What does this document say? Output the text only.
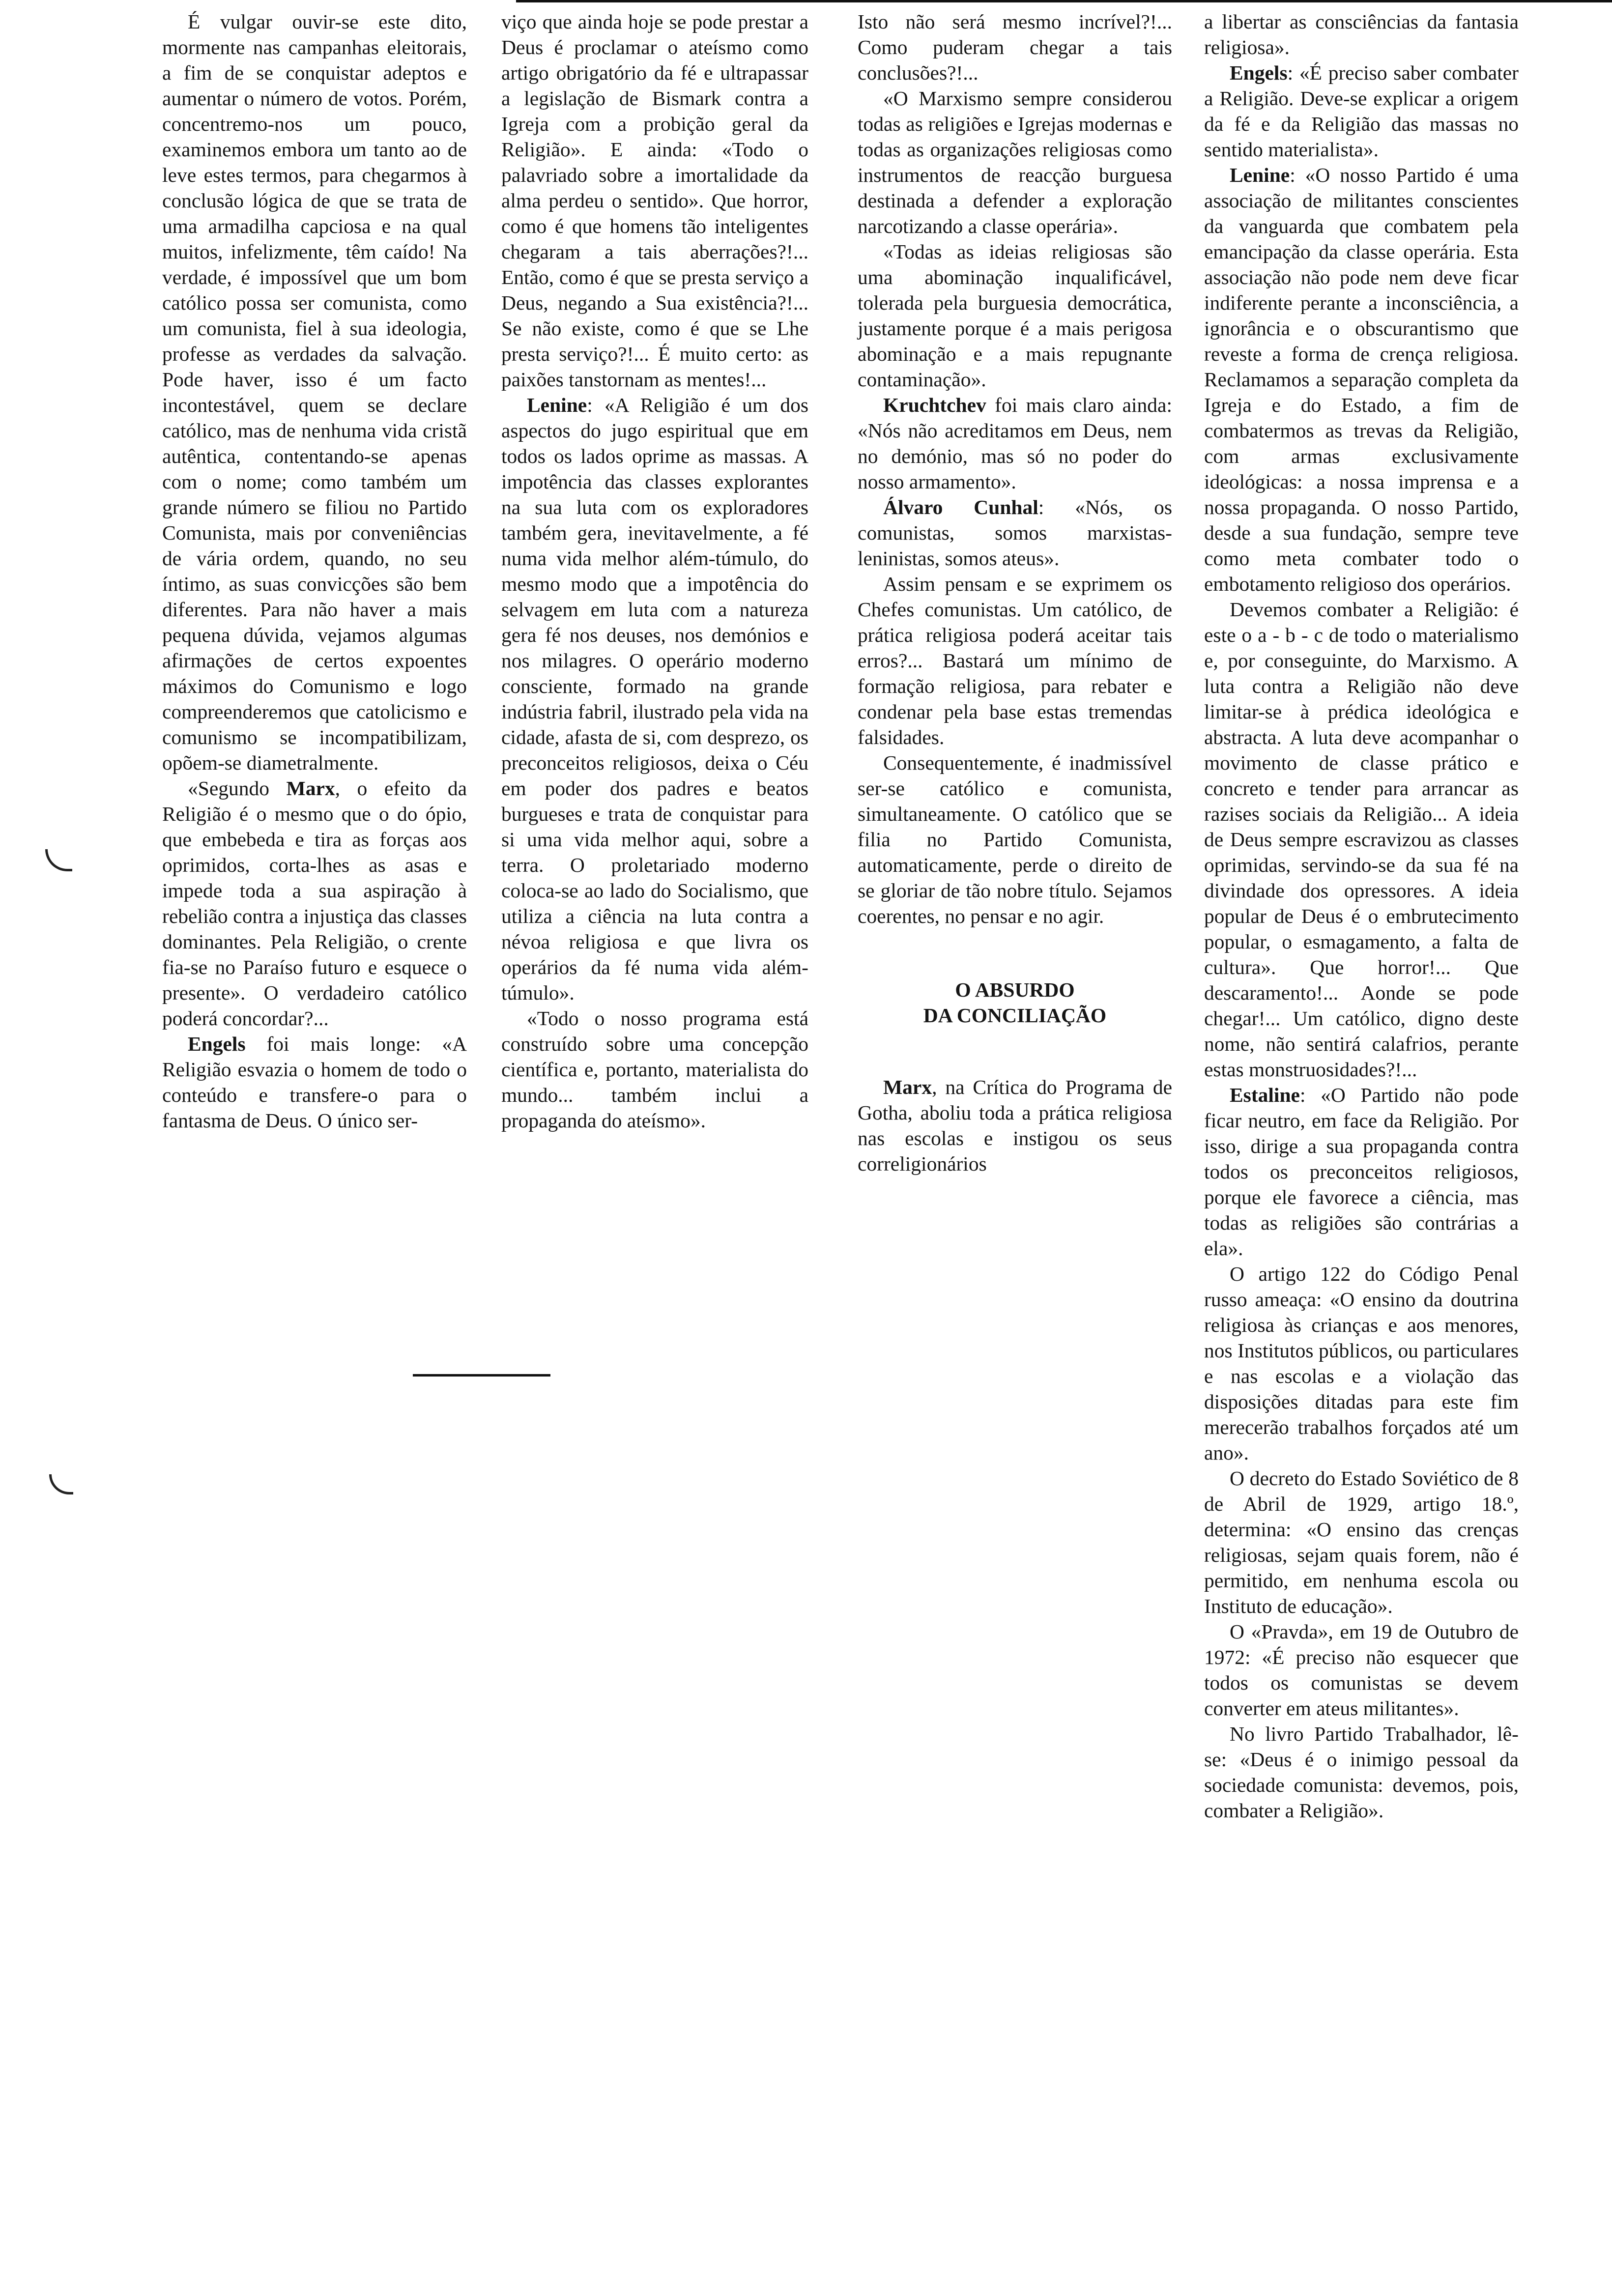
É vulgar ouvir-se este dito, mormente nas campanhas eleitorais, a fim de se conquistar adeptos e aumentar o número de votos. Porém, concentremo-nos um pouco, examinemos embora um tanto ao de leve estes termos, para chegarmos à conclusão lógica de que se trata de uma armadilha capciosa e na qual muitos, infelizmente, têm caído! Na verdade, é impossível que um bom católico possa ser comunista, como um comunista, fiel à sua ideologia, professe as verdades da salvação. Pode haver, isso é um facto incontestável, quem se declare católico, mas de nenhuma vida cristã autêntica, contentando-se apenas com o nome; como também um grande número se filiou no Partido Comunista, mais por conveniências de vária ordem, quando, no seu íntimo, as suas convicções são bem diferentes. Para não haver a mais pequena dúvida, vejamos algumas afirmações de certos expoentes máximos do Comunismo e logo compreenderemos que catolicismo e comunismo se incompatibilizam, opõem-se diametralmente.

«Segundo Marx, o efeito da Religião é o mesmo que o do ópio, que embebeda e tira as forças aos oprimidos, corta-lhes as asas e impede toda a sua aspiração à rebelião contra a injustiça das classes dominantes. Pela Religião, o crente fia-se no Paraíso futuro e esquece o presente». O verdadeiro católico poderá concordar?...

Engels foi mais longe: «A Religião esvazia o homem de todo o conteúdo e transfere-o para o fantasma de Deus. O único ser-

viço que ainda hoje se pode prestar a Deus é proclamar o ateísmo como artigo obrigatório da fé e ultrapassar a legislação de Bismark contra a Igreja com a probição geral da Religião». E ainda: «Todo o palavriado sobre a imortalidade da alma perdeu o sentido». Que horror, como é que homens tão inteligentes chegaram a tais aberrações?!... Então, como é que se presta serviço a Deus, negando a Sua existência?!... Se não existe, como é que se Lhe presta serviço?!... É muito certo: as paixões tanstornam as mentes!...

Lenine: «A Religião é um dos aspectos do jugo espiritual que em todos os lados oprime as massas. A impotência das classes explorantes na sua luta com os exploradores também gera, inevitavelmente, a fé numa vida melhor além-túmulo, do mesmo modo que a impotência do selvagem em luta com a natureza gera fé nos deuses, nos demónios e nos milagres. O operário moderno consciente, formado na grande indústria fabril, ilustrado pela vida na cidade, afasta de si, com desprezo, os preconceitos religiosos, deixa o Céu em poder dos padres e beatos burgueses e trata de conquistar para si uma vida melhor aqui, sobre a terra. O proletariado moderno coloca-se ao lado do Socialismo, que utiliza a ciência na luta contra a névoa religiosa e que livra os operários da fé numa vida além-túmulo».

«Todo o nosso programa está construído sobre uma concepção científica e, portanto, materialista do mundo... também inclui a propaganda do ateísmo».

Isto não será mesmo incrível?!... Como puderam chegar a tais conclusões?!...

«O Marxismo sempre considerou todas as religiões e Igrejas modernas e todas as organizações religiosas como instrumentos de reacção burguesa destinada a defender a exploração narcotizando a classe operária».

«Todas as ideias religiosas são uma abominação inqualificável, tolerada pela burguesia democrática, justamente porque é a mais perigosa abominação e a mais repugnante contaminação».

Kruchtchev foi mais claro ainda: «Nós não acreditamos em Deus, nem no demónio, mas só no poder do nosso armamento».

Álvaro Cunhal: «Nós, os comunistas, somos marxistas-leninistas, somos ateus».

Assim pensam e se exprimem os Chefes comunistas. Um católico, de prática religiosa poderá aceitar tais erros?... Bastará um mínimo de formação religiosa, para rebater e condenar pela base estas tremendas falsidades.

Consequentemente, é inadmissível ser-se católico e comunista, simultaneamente. O católico que se filia no Partido Comunista, automaticamente, perde o direito de se gloriar de tão nobre título. Sejamos coerentes, no pensar e no agir.

O ABSURDO
DA CONCILIAÇÃO

Marx, na Crítica do Programa de Gotha, aboliu toda a prática religiosa nas escolas e instigou os seus correligionários

a libertar as consciências da fantasia religiosa».

Engels: «É preciso saber combater a Religião. Deve-se explicar a origem da fé e da Religião das massas no sentido materialista».

Lenine: «O nosso Partido é uma associação de militantes conscientes da vanguarda que combatem pela emancipação da classe operária. Esta associação não pode nem deve ficar indiferente perante a inconsciência, a ignorância e o obscurantismo que reveste a forma de crença religiosa. Reclamamos a separação completa da Igreja e do Estado, a fim de combatermos as trevas da Religião, com armas exclusivamente ideológicas: a nossa imprensa e a nossa propaganda. O nosso Partido, desde a sua fundação, sempre teve como meta combater todo o embotamento religioso dos operários.

Devemos combater a Religião: é este o a - b - c de todo o materialismo e, por conseguinte, do Marxismo. A luta contra a Religião não deve limitar-se à prédica ideológica e abstracta. A luta deve acompanhar o movimento de classe prático e concreto e tender para arrancar as razises sociais da Religião... A ideia de Deus sempre escravizou as classes oprimidas, servindo-se da sua fé na divindade dos opressores. A ideia popular de Deus é o embrutecimento popular, o esmagamento, a falta de cultura». Que horror!... Que descaramento!... Aonde se pode chegar!... Um católico, digno deste nome, não sentirá calafrios, perante estas monstruosidades?!...

Estaline: «O Partido não pode ficar neutro, em face da Religião. Por isso, dirige a sua propaganda contra todos os preconceitos religiosos, porque ele favorece a ciência, mas todas as religiões são contrárias a ela».

O artigo 122 do Código Penal russo ameaça: «O ensino da doutrina religiosa às crianças e aos menores, nos Institutos públicos, ou particulares e nas escolas e a violação das disposições ditadas para este fim merecerão trabalhos forçados até um ano».

O decreto do Estado Soviético de 8 de Abril de 1929, artigo 18.º, determina: «O ensino das crenças religiosas, sejam quais forem, não é permitido, em nenhuma escola ou Instituto de educação».

O «Pravda», em 19 de Outubro de 1972: «É preciso não esquecer que todos os comunistas se devem converter em ateus militantes».

No livro Partido Trabalhador, lê-se: «Deus é o inimigo pessoal da sociedade comunista: devemos, pois, combater a Religião».
